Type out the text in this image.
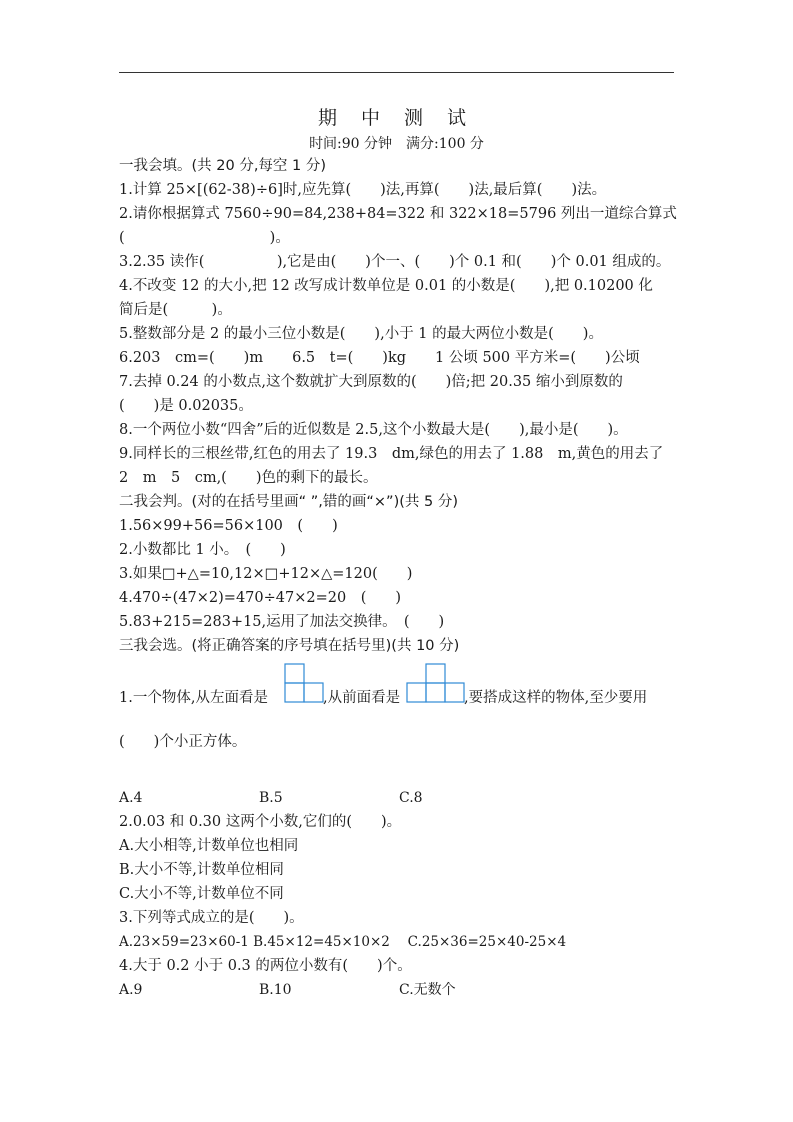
期 中 测 试
时间:90 分钟　满分:100 分
一我会填。(共 20 分,每空 1 分)
1.计算 25×[(62-38)÷6]时,应先算(　　)法,再算(　　)法,最后算(　　)法。
2.请你根据算式 7560÷90=84,238+84=322 和 322×18=5796 列出一道综合算式
(　　　　　　　　　　)。
3.2.35 读作(　　　　　),它是由(　　)个一、(　　)个 0.1 和(　　)个 0.01 组成的。
4.不改变 12 的大小,把 12 改写成计数单位是 0.01 的小数是(　　),把 0.10200 化
简后是(　　　)。
5.整数部分是 2 的最小三位小数是(　　),小于 1 的最大两位小数是(　　)。
6.203　cm=(　　)m　　6.5　t=(　　)kg　　1 公顷 500 平方米=(　　)公顷
7.去掉 0.24 的小数点,这个数就扩大到原数的(　　)倍;把 20.35 缩小到原数的
(　　)是 0.02035。
8.一个两位小数“四舍”后的近似数是 2.5,这个小数最大是(　　),最小是(　　)。
9.同样长的三根丝带,红色的用去了 19.3　dm,绿色的用去了 1.88　m,黄色的用去了
2　m　5　cm,(　　)色的剩下的最长。
二我会判。(对的在括号里画“ ”,错的画“×”)(共 5 分)
1.56×99+56=56×100　(　　)
2.小数都比 1 小。　(　　)
3.如果□+△=10,12×□+12×△=120(　　)
4.470÷(47×2)=470÷47×2=20　(　　)
5.83+215=283+15,运用了加法交换律。　(　　)
三我会选。(将正确答案的序号填在括号里)(共 10 分)
1.一个物体,从左面看是	,从前面看是	,要搭成这样的物体,至少要用
(　　)个小正方体。
A.4	B.5	C.8
2.0.03 和 0.30 这两个小数,它们的(　　)。
A.大小相等,计数单位也相同
B.大小不等,计数单位相同
C.大小不等,计数单位不同
3.下列等式成立的是(　　)。
A.23×59=23×60-1 B.45×12=45×10×2　 C.25×36=25×40-25×4
4.大于 0.2 小于 0.3 的两位小数有(　　)个。
A.9	B.10	C.无数个
